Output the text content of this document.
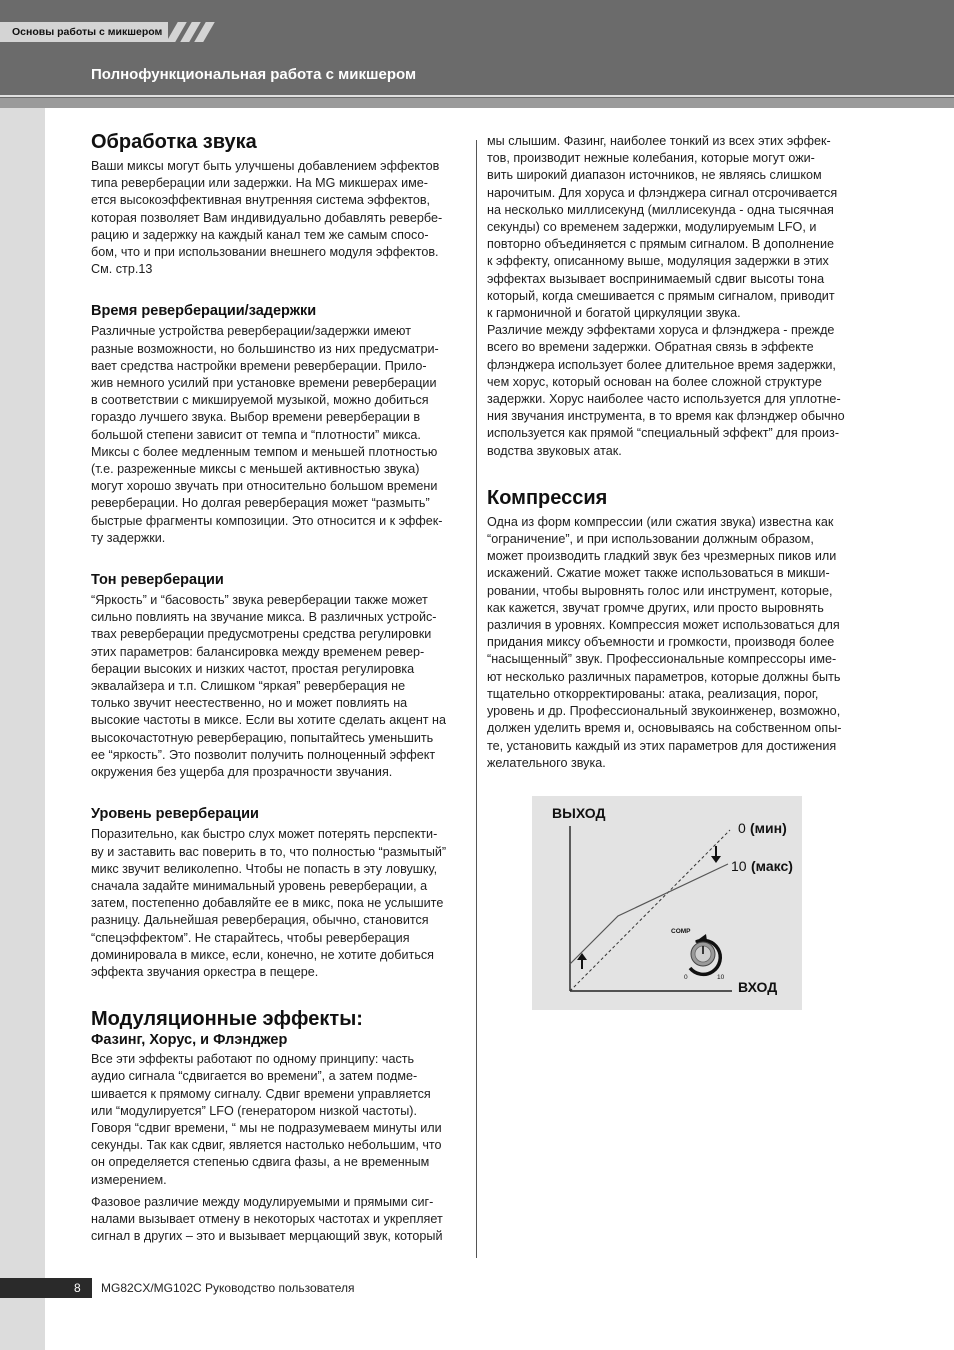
Основы работы с микшером
Полнофункциональная работа с микшером
Обработка звука

Ваши миксы могут быть улучшены добавлением эффектов
типа реверберации или задержки. На MG микшерах име-
ется высокоэффективная внутренняя система эффектов,
которая позволяет Вам индивидуально добавлять ревербе-
рацию и задержку на каждый канал тем же самым спосо-
бом, что и при использовании внешнего модуля эффектов.
См. стр.13

Время реверберации/задержки

Различные устройства реверберации/задержки имеют
разные возможности, но большинство из них предусматри-
вает средства настройки времени реверберации. Прило-
жив немного усилий при установке времени реверберации
в соответствии с микшируемой музыкой, можно добиться
гораздо лучшего звука. Выбор времени реверберации в
большой степени зависит от темпа и “плотности” микса.
Миксы с более медленным темпом и меньшей плотностью
(т.е. разреженные миксы с меньшей активностью звука)
могут хорошо звучать при относительно большом времени
реверберации. Но долгая реверберация может “размыть”
быстрые фрагменты композиции. Это относится и к эффек-
ту задержки.

Тон реверберации

“Яркость” и “басовость” звука реверберации также может
сильно повлиять на звучание микса. В различных устройс-
твах реверберации предусмотрены средства регулировки
этих параметров: балансировка между временем ревер-
берации высоких и низких частот, простая регулировка
эквалайзера и т.п. Слишком “яркая” реверберация не
только звучит неестественно, но и может повлиять на
высокие частоты в миксе. Если вы хотите сделать акцент на
высокочастотную реверберацию, попытайтесь уменьшить
ее “яркость”. Это позволит получить полноценный эффект
окружения без ущерба для прозрачности звучания.

Уровень реверберации

Поразительно, как быстро слух может потерять перспекти-
ву и заставить вас поверить в то, что полностью “размытый”
микс звучит великолепно. Чтобы не попасть в эту ловушку,
сначала задайте минимальный уровень реверберации, а
затем, постепенно добавляйте ее в микс, пока не услышите
разницу. Дальнейшая реверберация, обычно, становится
“спецэффектом”. Не старайтесь, чтобы реверберация
доминировала в миксе, если, конечно, не хотите добиться
эффекта звучания оркестра в пещере.

Модуляционные эффекты:
Фазинг, Хорус, и Флэнджер

Все эти эффекты работают по одному принципу: часть
аудио сигнала “сдвигается во времени”, а затем подме-
шивается к прямому сигналу. Сдвиг времени управляется
или “модулируется” LFO (генератором низкой частоты).
Говоря “сдвиг времени, “ мы не подразумеваем минуты или
секунды. Так как сдвиг, является настолько небольшим, что
он определяется степенью сдвига фазы, а не временным
измерением.

Фазовое различие между модулируемыми и прямыми сиг-
налами вызывает отмену в некоторых частотах и укрепляет
сигнал в других – это и вызывает мерцающий звук, который

мы слышим. Фазинг, наиболее тонкий из всех этих эффек-
тов, производит нежные колебания, которые могут ожи-
вить широкий диапазон источников, не являясь слишком
нарочитым. Для хоруса и флэнджера сигнал отсрочивается
на несколько миллисекунд (миллисекунда - одна тысячная
секунды) со временем задержки, модулируемым LFO, и
повторно объединяется с прямым сигналом. В дополнение
к эффекту, описанному выше, модуляция задержки в этих
эффектах вызывает воспринимаемый сдвиг высоты тона
который, когда смешивается с прямым сигналом, приводит
к гармоничной и богатой циркуляции звука.

Различие между эффектами хоруса и флэнджера - прежде
всего во времени задержки. Обратная связь в эффекте
флэнджера использует более длительное время задержки,
чем хорус, который основан на более сложной структуре
задержки. Хорус наиболее часто используется для уплотне-
ния звучания инструмента, в то время как флэнджер обычно
используется как прямой “специальный эффект” для произ-
водства звуковых атак.

Компрессия

Одна из форм компрессии (или сжатия звука) известна как
“ограничение”, и при использовании должным образом,
может производить гладкий звук без чрезмерных пиков или
искажений. Сжатие может также использоваться в микши-
ровании, чтобы выровнять голос или инструмент, которые,
как кажется, звучат громче других, или просто выровнять
различия в уровнях. Компрессия может использоваться для
придания миксу объемности и громкости, производя более
“насыщенный” звук. Профессиональные компрессоры име-
ют несколько различных параметров, которые должны быть
тщательно откорректированы: атака, реализация, порог,
уровень и др. Профессиональный звукоинженер, возможно,
должен уделить время и, основываясь на собственном опы-
те, установить каждый из этих параметров для достижения
желательного звука.

ВЫХОД
ВХОД
0 (мин)
10 (макс)
COMP
0	10
8 MG82CX/MG102C Руководство пользователя
